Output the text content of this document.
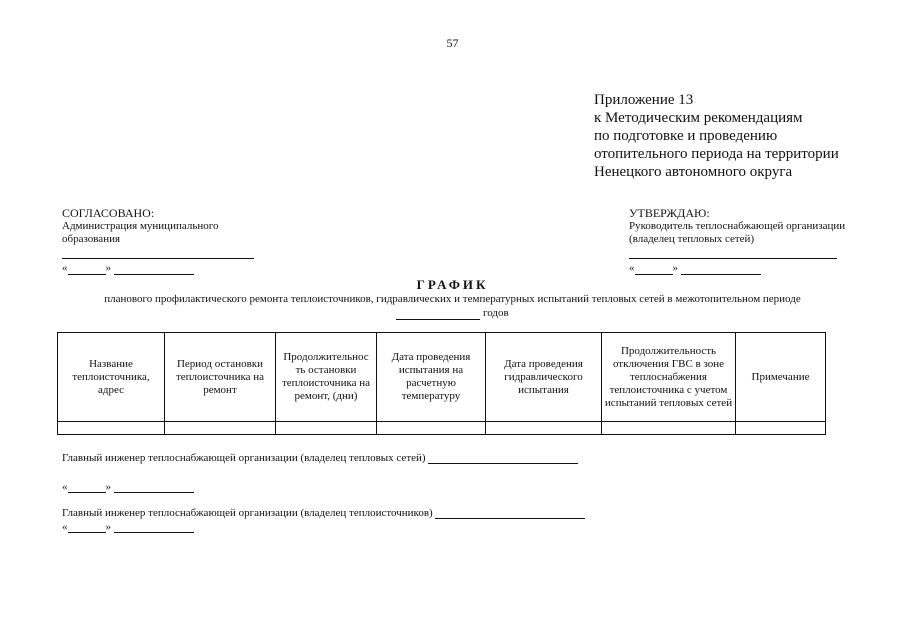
57
Приложение 13
к Методическим рекомендациям
по подготовке и проведению
отопительного периода на территории
Ненецкого автономного округа
СОГЛАСОВАНО:
Администрация муниципального
образования
«	»
УТВЕРЖДАЮ:
Руководитель теплоснабжающей организации
(владелец тепловых сетей)
«	»
ГРАФИК
планового профилактического ремонта теплоисточников, гидравлических и температурных испытаний тепловых сетей в межотопительном периоде
годов
Название теплоисточника, адрес	Период остановки теплоисточника на ремонт	Продолжительнос ть остановки теплоисточника на ремонт, (дни)	Дата проведения испытания на расчетную температуру	Дата проведения гидравлического испытания	Продолжительность отключения ГВС в зоне теплоснабжения теплоисточника с учетом испытаний тепловых сетей	Примечание

Главный инженер теплоснабжающей организации (владелец тепловых сетей)
«	»
Главный инженер теплоснабжающей организации (владелец теплоисточников)
«	»
